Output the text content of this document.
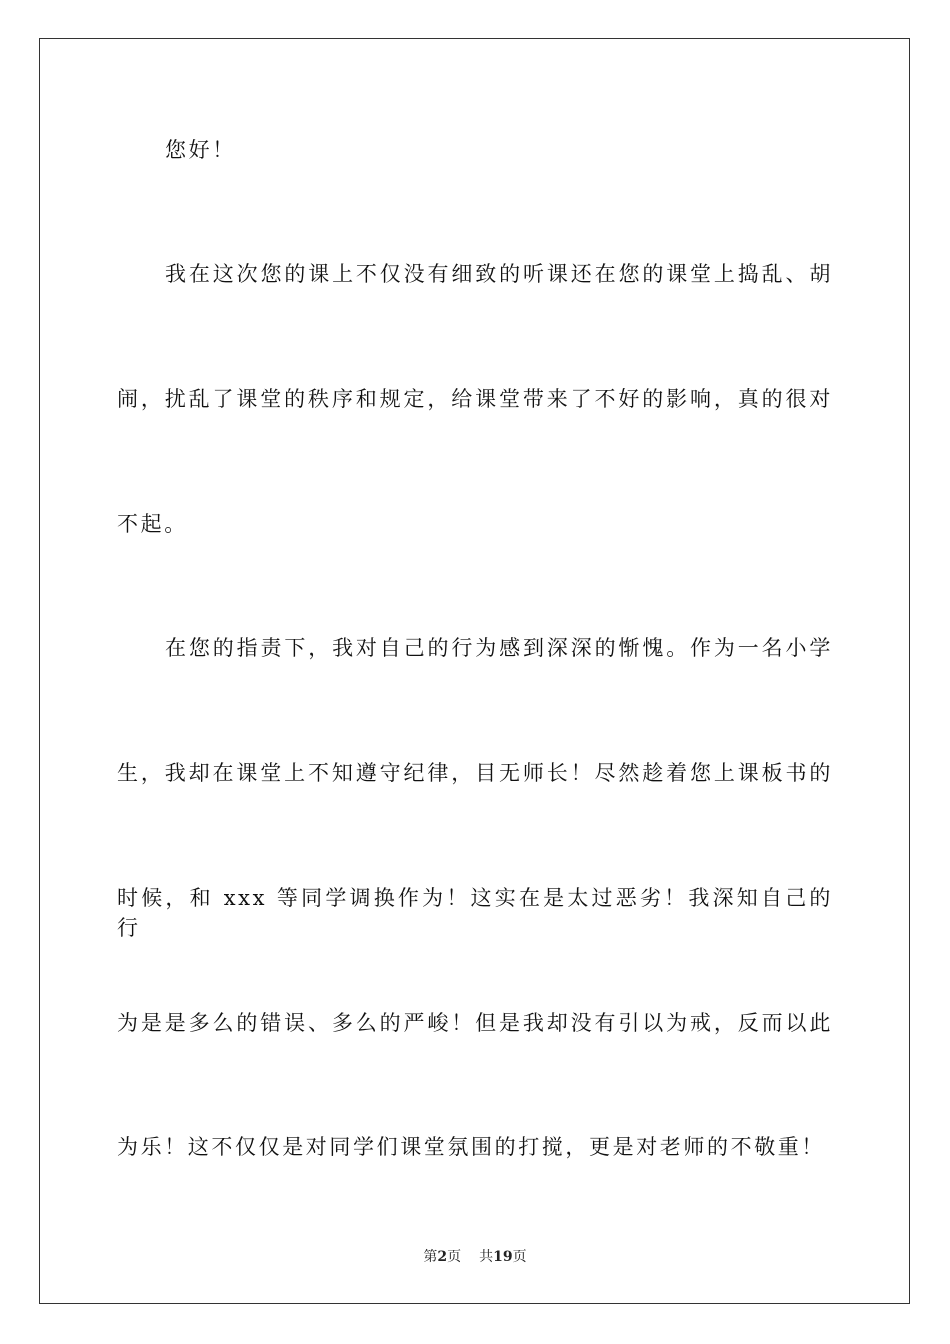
您好！
我在这次您的课上不仅没有细致的听课还在您的课堂上捣乱、胡
闹，扰乱了课堂的秩序和规定，给课堂带来了不好的影响，真的很对
不起。
在您的指责下，我对自己的行为感到深深的惭愧。作为一名小学
生，我却在课堂上不知遵守纪律，目无师长！尽然趁着您上课板书的
时候，和 xxx 等同学调换作为！这实在是太过恶劣！我深知自己的行
为是是多么的错误、多么的严峻！但是我却没有引以为戒，反而以此
为乐！这不仅仅是对同学们课堂氛围的打搅，更是对老师的不敬重！
第2页 共19页
